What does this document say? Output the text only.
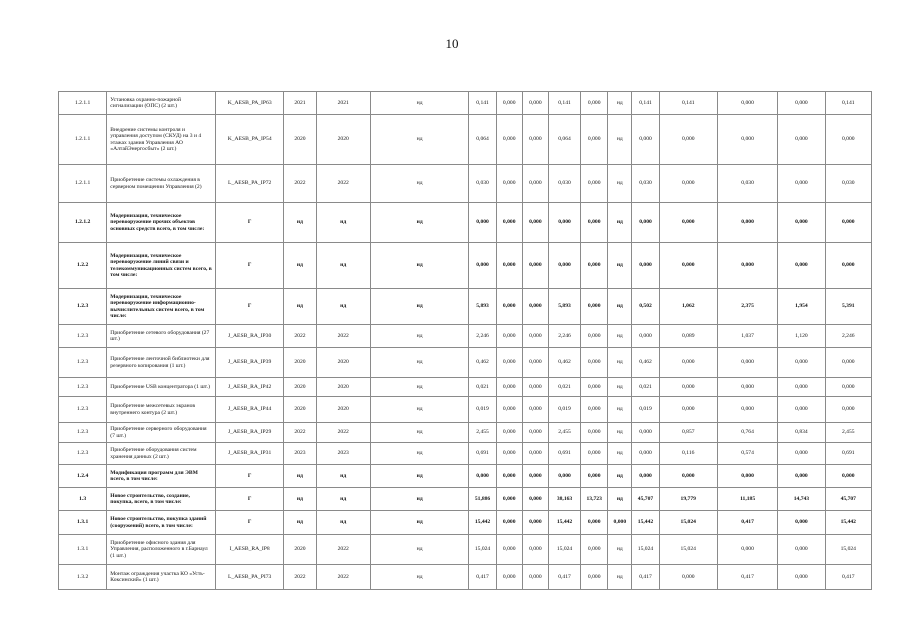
10
1.2.1.1	Установка охранно-пожарной сигнализации (ОПС) (2 шт.)	K_AESB_PA_IP63	2021	2021	нд	0,141	0,000	0,000	0,141	0,000	нд	0,141	0,141	0,000	0,000	0,141
1.2.1.1	Внедрение системы контроля и управления доступом (СКУД) на 3 и 4 этажах здания Управления АО «АлтайЭнергосбыт» (2 шт.)	K_AESB_PA_IP54	2020	2020	нд	0,064	0,000	0,000	0,064	0,000	нд	0,000	0,000	0,000	0,000	0,000
1.2.1.1	Приобретение системы охлаждения в серверном помещении Управления (2)	L_AESB_PA_IP72	2022	2022	нд	0,030	0,000	0,000	0,030	0,000	нд	0,030	0,000	0,030	0,000	0,030
1.2.1.2	Модернизация, техническое перевооружение прочих объектов основных средств всего, в том числе:	Г	нд	нд	нд	0,000	0,000	0,000	0,000	0,000	нд	0,000	0,000	0,000	0,000	0,000
1.2.2	Модернизация, техническое перевооружение линий связи и телекоммуникационных систем всего, в том числе:	Г	нд	нд	нд	0,000	0,000	0,000	0,000	0,000	нд	0,000	0,000	0,000	0,000	0,000
1.2.3	Модернизация, техническое перевооружение информационно-вычислительных систем всего, в том числе:	Г	нд	нд	нд	5,893	0,000	0,000	5,893	0,000	нд	0,502	1,062	2,375	1,954	5,391
1.2.3	Приобретение сетевого оборудования (27 шт.)	J_AESB_RA_IP30	2022	2022	нд	2,246	0,000	0,000	2,246	0,000	нд	0,000	0,089	1,037	1,120	2,246
1.2.3	Приобретение ленточной библиотеки для резервного копирования (1 шт.)	J_AESB_RA_IP39	2020	2020	нд	0,462	0,000	0,000	0,462	0,000	нд	0,462	0,000	0,000	0,000	0,000
1.2.3	Приобретение USB концентратора (1 шт.)	J_AESB_RA_IP42	2020	2020	нд	0,021	0,000	0,000	0,021	0,000	нд	0,021	0,000	0,000	0,000	0,000
1.2.3	Приобретение межсетевых экранов внутреннего контура (2 шт.)	J_AESB_RA_IP44	2020	2020	нд	0,019	0,000	0,000	0,019	0,000	нд	0,019	0,000	0,000	0,000	0,000
1.2.3	Приобретение серверного оборудования (7 шт.)	J_AESB_RA_IP29	2022	2022	нд	2,455	0,000	0,000	2,455	0,000	нд	0,000	0,857	0,764	0,834	2,455
1.2.3	Приобретение оборудования систем хранения данных (2 шт.)	J_AESB_RA_IP31	2023	2023	нд	0,691	0,000	0,000	0,691	0,000	нд	0,000	0,116	0,574	0,000	0,691
1.2.4	Модификация программ для ЭВМ всего, в том числе:	Г	нд	нд	нд	0,000	0,000	0,000	0,000	0,000	нд	0,000	0,000	0,000	0,000	0,000
1.3	Новое строительство, создание, покупка, всего, в том числе:	Г	нд	нд	нд	51,886	0,000	0,000	38,163	13,723	нд	45,707	19,779	11,185	14,743	45,707
1.3.1	Новое строительство, покупка зданий (сооружений) всего, в том числе:	Г	нд	нд	нд	15,442	0,000	0,000	15,442	0,000	0,000	15,442	15,024	0,417	0,000	15,442
1.3.1	Приобретение офисного здания для Управления, расположенного в г.Барнаул (1 шт.)	I_AESB_RA_IP8	2020	2022	нд	15,024	0,000	0,000	15,024	0,000	нд	15,024	15,024	0,000	0,000	15,024
1.3.2	Монтаж ограждения участка КО «Усть-Коксинский» (1 шт.)	L_AESB_PA_PI73	2022	2022	нд	0,417	0,000	0,000	0,417	0,000	нд	0,417	0,000	0,417	0,000	0,417
